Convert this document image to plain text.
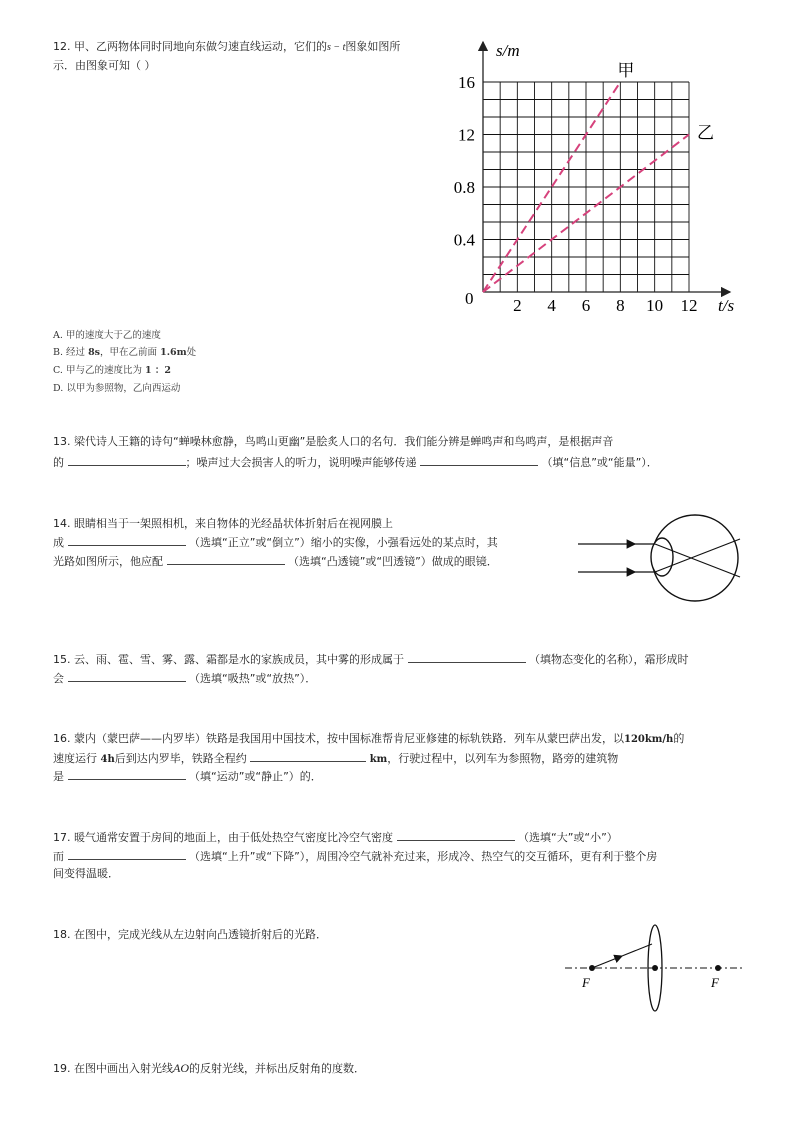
12. 甲、乙两物体同时同地向东做匀速直线运动，它们的s − t图象如图所
示．由图象可知（ ）
s/m
t/s
0 2 4 6 8 10 12
0.4
0.8
12
16
甲
乙
A. 甲的速度大于乙的速度
B. 经过 8s，甲在乙前面 1.6m处
C. 甲与乙的速度比为 1 ：2
D. 以甲为参照物，乙向西运动
13. 梁代诗人王籍的诗句“蝉噪林愈静，鸟鸣山更幽”是脍炙人口的名句．我们能分辨是蝉鸣声和鸟鸣声，是根据声音
的	；噪声过大会损害人的听力，说明噪声能够传递	（填“信息”或“能量”）．
14. 眼睛相当于一架照相机，来自物体的光经晶状体折射后在视网膜上
成	（选填“正立”或“倒立”）缩小的实像，小强看远处的某点时，其
光路如图所示，他应配	（选填“凸透镜”或“凹透镜”）做成的眼镜．
15. 云、雨、雹、雪、雾、露、霜都是水的家族成员，其中雾的形成属于	（填物态变化的名称），霜形成时
会	（选填“吸热”或“放热”）．
16. 蒙内（蒙巴萨——内罗毕）铁路是我国用中国技术，按中国标准帮肯尼亚修建的标轨铁路．列车从蒙巴萨出发，以120km/h的
速度运行 4h后到达内罗毕，铁路全程约	km，行驶过程中，以列车为参照物，路旁的建筑物
是	（填“运动”或“静止”）的．
17. 暖气通常安置于房间的地面上，由于低处热空气密度比冷空气密度	（选填“大”或“小”）
而	（选填“上升”或“下降”），周围冷空气就补充过来，形成冷、热空气的交互循环，更有利于整个房
间变得温暖．
18. 在图中，完成光线从左边射向凸透镜折射后的光路．
F	F
19. 在图中画出入射光线AO的反射光线，并标出反射角的度数．
